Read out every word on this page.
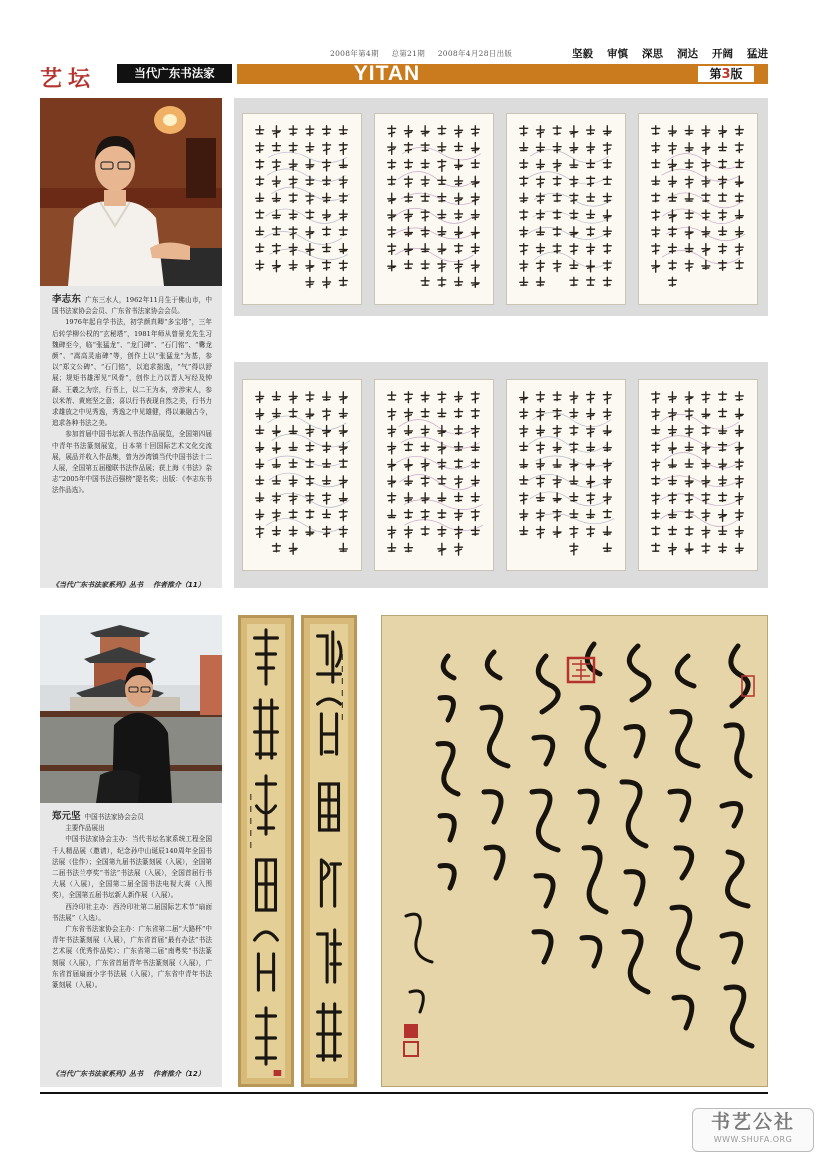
2008年第4期 总第21期 2008年4月28日出版	坚毅 审慎 深思 洞达 开阔 猛进
艺坛	当代广东书法家	YITAN	第3版

李志东 广东三水人，1962年11月生于佛山市，中国书法家协会会员、广东省书法家协会会员。

1976年起自学书法，初学颜真卿“多宝塔”，三年后转学柳公权的“玄秘塔”，1981年师从曾景充先生习魏碑至今，临“张猛龙”、“龙门碑”、“石门铭”、“爨龙颜”、“嵩高灵庙碑”等，创作上以“张猛龙”为基，参以“郑文公碑”、“石门铭”，以追求拙逸，“气”得以舒展；规矩书雄浑见“风骨”，创作上乃以晋人写经及钟繇、王羲之为宗，行书上，以二王为本，旁涉宋人，参以米芾、黄庭坚之意；喜以行书表现自然之美，行书力求雄放之中见秀逸，秀逸之中见雄健，得以兼融古今，追求各种书法之美。

参加首届中国书坛新人书法作品展览，全国第四届中青年书法篆刻展览，日本第十回国际艺术文化交流展，展品并收入作品集，曾为沙湾镇当代中国书法十二人展，全国第五届楹联书法作品展；获上海《书法》杂志“2005年中国书法百强榜”提名奖；出版：《李志东书法作品选》。

《当代广东书法家系列》丛书 作者推介（11）

郑元坚 中国书法家协会会员

主要作品展出

中国书法家协会主办：当代书坛名家系统工程全国千人精品展（邀请），纪念孙中山诞辰140周年全国书法展（佳作）；全国第九届书法篆刻展（入展），全国第二届书法兰亭奖“书法”书法展（入展），全国首届行书大展（入展），全国第二届全国书法电视大赛（入围奖），全国第五届书坛新人新作展（入展）。

西泠印社主办：西泠印社第二届国际艺术节“扇面书法展”（入选）。

广东省书法家协会主办：广东省第二届“大路杯”中青年书法篆刻展（入展），广东省首届“最有办法”书法艺术展（优秀作品奖）；广东省第二届“南粤奖”书法篆刻展（入展），广东省首届青年书法篆刻展（入展），广东省首届扇面小字书法展（入展），广东省中青年书法篆刻展（入展）。

《当代广东书法家系列》丛书 作者推介（12）
书艺公社
WWW.SHUFA.ORG
